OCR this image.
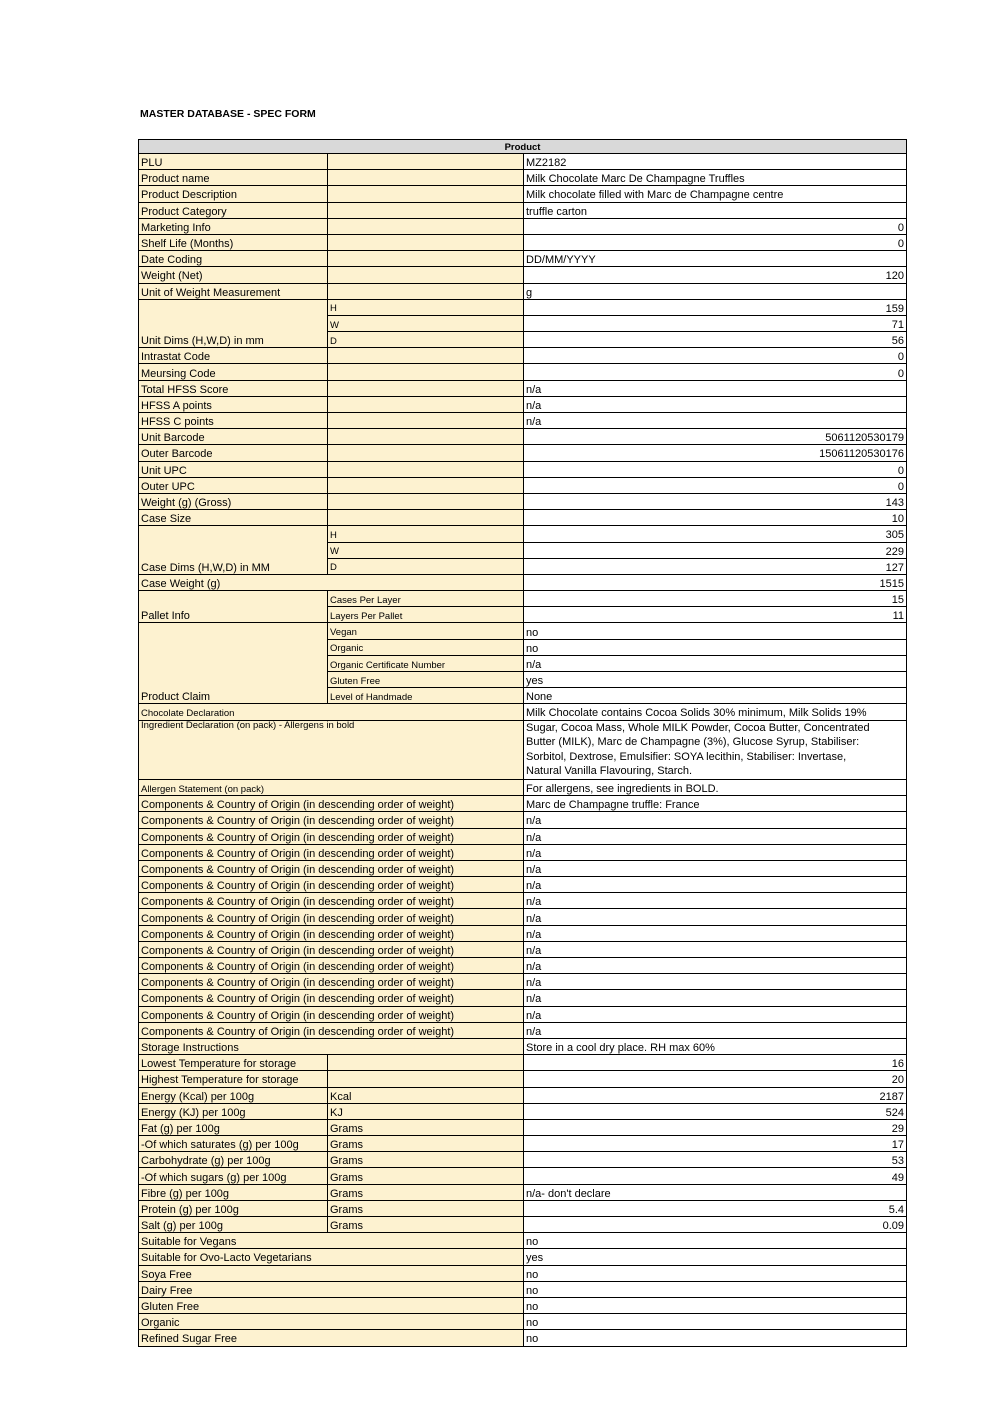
MASTER DATABASE - SPEC FORM
Product		
PLU		MZ2182
Product name		Milk Chocolate Marc De Champagne Truffles
Product Description		Milk chocolate filled with Marc de Champagne centre
Product Category		truffle carton
Marketing Info		0
Shelf Life (Months)		0
Date Coding		DD/MM/YYYY
Weight (Net)		120
Unit of Weight Measurement		g
Unit Dims (H,W,D) in mm	H	159
	W	71
	D	56
Intrastat Code		0
Meursing Code		0
Total HFSS Score		n/a
HFSS A points		n/a
HFSS C points		n/a
Unit Barcode		5061120530179
Outer Barcode		15061120530176
Unit UPC		0
Outer UPC		0
Weight (g) (Gross)		143
Case Size		10
Case Dims (H,W,D) in MM	H	305
	W	229
	D	127
Case Weight (g)		1515
Pallet Info	Cases Per Layer	15
	Layers Per Pallet	11
Product Claim	Vegan	no
	Organic	no
	Organic Certificate Number	n/a
	Gluten Free	yes
	Level of Handmade	None
Chocolate Declaration		Milk Chocolate contains Cocoa Solids 30% minimum, Milk Solids 19%
Ingredient Declaration (on pack) - Allergens in bold		Sugar, Cocoa Mass, Whole MILK Powder, Cocoa Butter, Concentrated
Butter (MILK), Marc de Champagne (3%), Glucose Syrup, Stabiliser:
Sorbitol, Dextrose, Emulsifier: SOYA lecithin, Stabiliser: Invertase,
Natural Vanilla Flavouring, Starch.

Allergen Statement (on pack)		For allergens, see ingredients in BOLD.
Components & Country of Origin (in descending order of weight)		Marc de Champagne truffle: France
Components & Country of Origin (in descending order of weight)		n/a
Components & Country of Origin (in descending order of weight)		n/a
Components & Country of Origin (in descending order of weight)		n/a
Components & Country of Origin (in descending order of weight)		n/a
Components & Country of Origin (in descending order of weight)		n/a
Components & Country of Origin (in descending order of weight)		n/a
Components & Country of Origin (in descending order of weight)		n/a
Components & Country of Origin (in descending order of weight)		n/a
Components & Country of Origin (in descending order of weight)		n/a
Components & Country of Origin (in descending order of weight)		n/a
Components & Country of Origin (in descending order of weight)		n/a
Components & Country of Origin (in descending order of weight)		n/a
Components & Country of Origin (in descending order of weight)		n/a
Components & Country of Origin (in descending order of weight)		n/a
Storage Instructions		Store in a cool dry place. RH max 60%
Lowest Temperature for storage		16
Highest Temperature for storage		20
Energy (Kcal) per 100g	Kcal	2187
Energy (KJ) per 100g	KJ	524
Fat (g) per 100g	Grams	29
-Of which saturates (g) per 100g	Grams	17
Carbohydrate (g) per 100g	Grams	53
-Of which sugars (g) per 100g	Grams	49
Fibre (g) per 100g	Grams	n/a- don't declare
Protein (g) per 100g	Grams	5.4
Salt (g) per 100g	Grams	0.09
Suitable for Vegans		no
Suitable for Ovo-Lacto Vegetarians		yes
Soya Free		no
Dairy Free		no
Gluten Free		no
Organic		no
Refined Sugar Free		no
